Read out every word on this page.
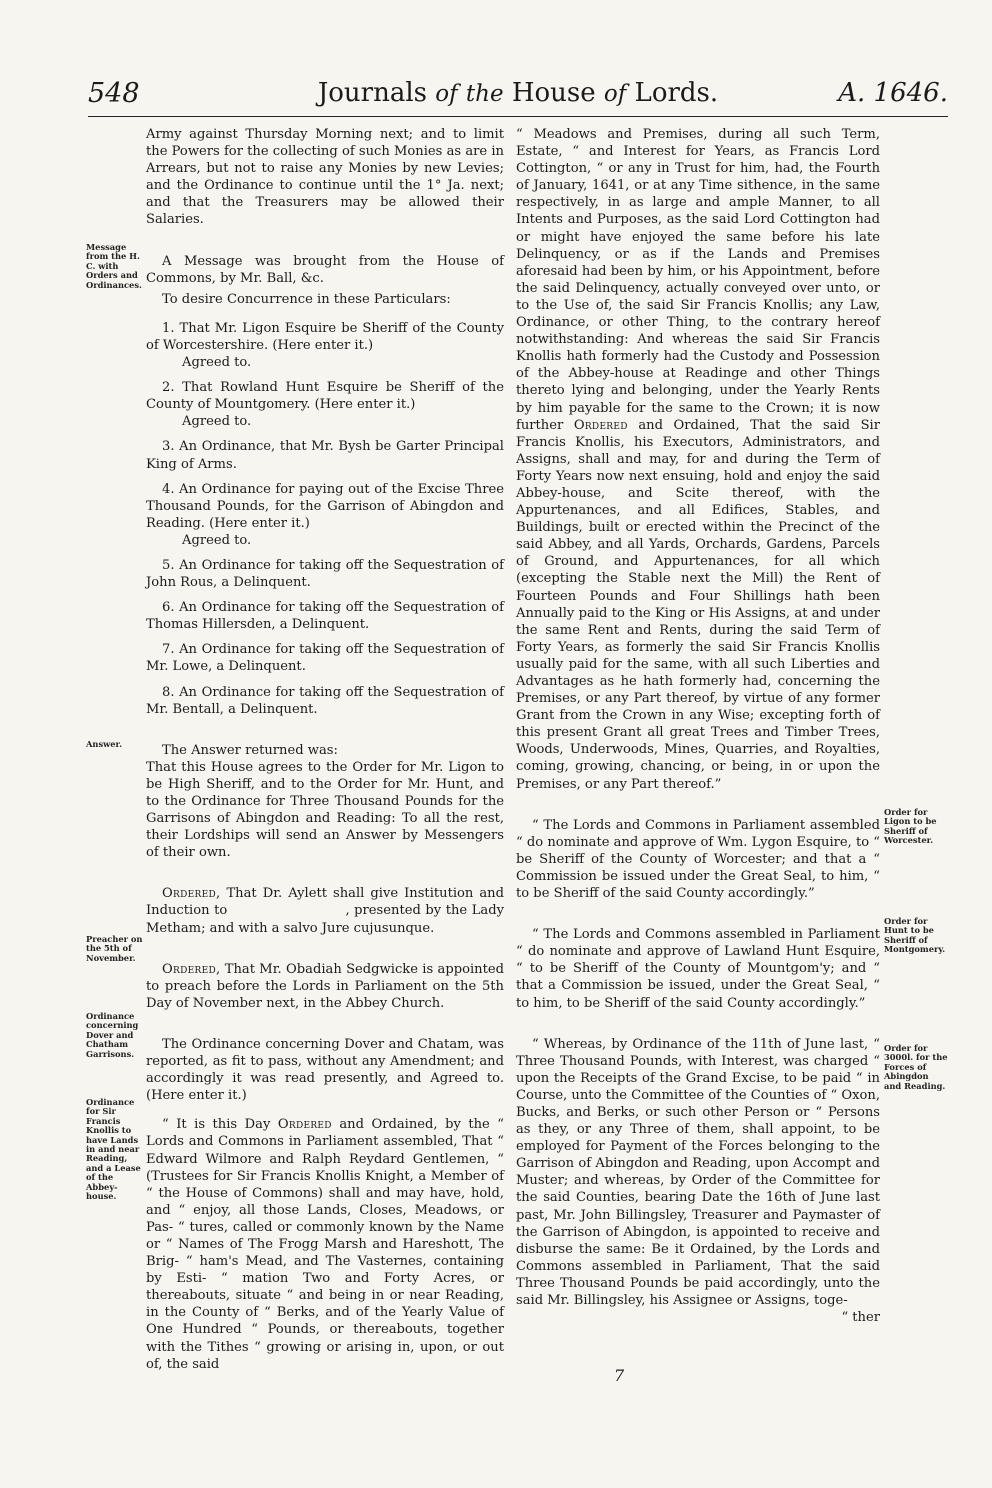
548	Journals of the House of Lords.	A. 1646.
Message from the H. C. with Orders and Ordinances.
Answer.
Preacher on the 5th of November.
Ordinance concerning Dover and Chatham Garrisons.
Ordinance for Sir Francis Knollis to have Lands in and near Reading, and a Lease of the Abbey-house.
Order for Ligon to be Sheriff of Worcester.
Order for Hunt to be Sheriff of Montgomery.
Order for 3000l. for the Forces of Abingdon and Reading.

Army against Thursday Morning next; and to limit the Powers for the collecting of such Monies as are in Arrears, but not to raise any Monies by new Levies; and the Ordinance to continue until the 1° Ja. next; and that the Treasurers may be allowed their Salaries.

A Message was brought from the House of Commons, by Mr. Ball, &c.

To desire Concurrence in these Particulars:

1. That Mr. Ligon Esquire be Sheriff of the County of Worcestershire. (Here enter it.)

Agreed to.

2. That Rowland Hunt Esquire be Sheriff of the County of Mountgomery. (Here enter it.)

Agreed to.

3. An Ordinance, that Mr. Bysh be Garter Principal King of Arms.

4. An Ordinance for paying out of the Excise Three Thousand Pounds, for the Garrison of Abingdon and Reading. (Here enter it.)

Agreed to.

5. An Ordinance for taking off the Sequestration of John Rous, a Delinquent.

6. An Ordinance for taking off the Sequestration of Thomas Hillersden, a Delinquent.

7. An Ordinance for taking off the Sequestration of Mr. Lowe, a Delinquent.

8. An Ordinance for taking off the Sequestration of Mr. Bentall, a Delinquent.

The Answer returned was:

That this House agrees to the Order for Mr. Ligon to be High Sheriff, and to the Order for Mr. Hunt, and to the Ordinance for Three Thousand Pounds for the Garrisons of Abingdon and Reading: To all the rest, their Lordships will send an Answer by Messengers of their own.

Ordered, That Dr. Aylett shall give Institution and Induction to                          , presented by the Lady Metham; and with a salvo Jure cujusunque.

Ordered, That Mr. Obadiah Sedgwicke is appointed to preach before the Lords in Parliament on the 5th Day of November next, in the Abbey Church.

The Ordinance concerning Dover and Chatam, was reported, as fit to pass, without any Amendment; and accordingly it was read presently, and Agreed to. (Here enter it.)

“ It is this Day Ordered and Ordained, by the “ Lords and Commons in Parliament assembled, That “ Edward Wilmore and Ralph Reydard Gentlemen, “ (Trustees for Sir Francis Knollis Knight, a Member of “ the House of Commons) shall and may have, hold, and “ enjoy, all those Lands, Closes, Meadows, or Pas- “ tures, called or commonly known by the Name or “ Names of The Frogg Marsh and Hareshott, The Brig- “ ham's Mead, and The Vasternes, containing by Esti- “ mation Two and Forty Acres, or thereabouts, situate “ and being in or near Reading, in the County of “ Berks, and of the Yearly Value of One Hundred “ Pounds, or thereabouts, together with the Tithes “ growing or arising in, upon, or out of, the said

“ Meadows and Premises, during all such Term, Estate, “ and Interest for Years, as Francis Lord Cottington, “ or any in Trust for him, had, the Fourth of January, 1641, or at any Time sithence, in the same respectively, in as large and ample Manner, to all Intents and Purposes, as the said Lord Cottington had or might have enjoyed the same before his late Delinquency, or as if the Lands and Premises aforesaid had been by him, or his Appointment, before the said Delinquency, actually conveyed over unto, or to the Use of, the said Sir Francis Knollis; any Law, Ordinance, or other Thing, to the contrary hereof notwithstanding: And whereas the said Sir Francis Knollis hath formerly had the Custody and Possession of the Abbey-house at Readinge and other Things thereto lying and belonging, under the Yearly Rents by him payable for the same to the Crown; it is now further Ordered and Ordained, That the said Sir Francis Knollis, his Executors, Administrators, and Assigns, shall and may, for and during the Term of Forty Years now next ensuing, hold and enjoy the said Abbey-house, and Scite thereof, with the Appurtenances, and all Edifices, Stables, and Buildings, built or erected within the Precinct of the said Abbey, and all Yards, Orchards, Gardens, Parcels of Ground, and Appurtenances, for all which (excepting the Stable next the Mill) the Rent of Fourteen Pounds and Four Shillings hath been Annually paid to the King or His Assigns, at and under the same Rent and Rents, during the said Term of Forty Years, as formerly the said Sir Francis Knollis usually paid for the same, with all such Liberties and Advantages as he hath formerly had, concerning the Premises, or any Part thereof, by virtue of any former Grant from the Crown in any Wise; excepting forth of this present Grant all great Trees and Timber Trees, Woods, Underwoods, Mines, Quarries, and Royalties, coming, growing, chancing, or being, in or upon the Premises, or any Part thereof.”

“ The Lords and Commons in Parliament assembled “ do nominate and approve of Wm. Lygon Esquire, to “ be Sheriff of the County of Worcester; and that a “ Commission be issued under the Great Seal, to him, “ to be Sheriff of the said County accordingly.”

“ The Lords and Commons assembled in Parliament “ do nominate and approve of Lawland Hunt Esquire, “ to be Sheriff of the County of Mountgom'y; and “ that a Commission be issued, under the Great Seal, “ to him, to be Sheriff of the said County accordingly.”

“ Whereas, by Ordinance of the 11th of June last, “ Three Thousand Pounds, with Interest, was charged “ upon the Receipts of the Grand Excise, to be paid “ in Course, unto the Committee of the Counties of “ Oxon, Bucks, and Berks, or such other Person or “ Persons as they, or any Three of them, shall appoint, to be employed for Payment of the Forces belonging to the Garrison of Abingdon and Reading, upon Accompt and Muster; and whereas, by Order of the Committee for the said Counties, bearing Date the 16th of June last past, Mr. John Billingsley, Treasurer and Paymaster of the Garrison of Abingdon, is appointed to receive and disburse the same: Be it Ordained, by the Lords and Commons assembled in Parliament, That the said Three Thousand Pounds be paid accordingly, unto the said Mr. Billingsley, his Assignee or Assigns, toge-

“ ther

7
